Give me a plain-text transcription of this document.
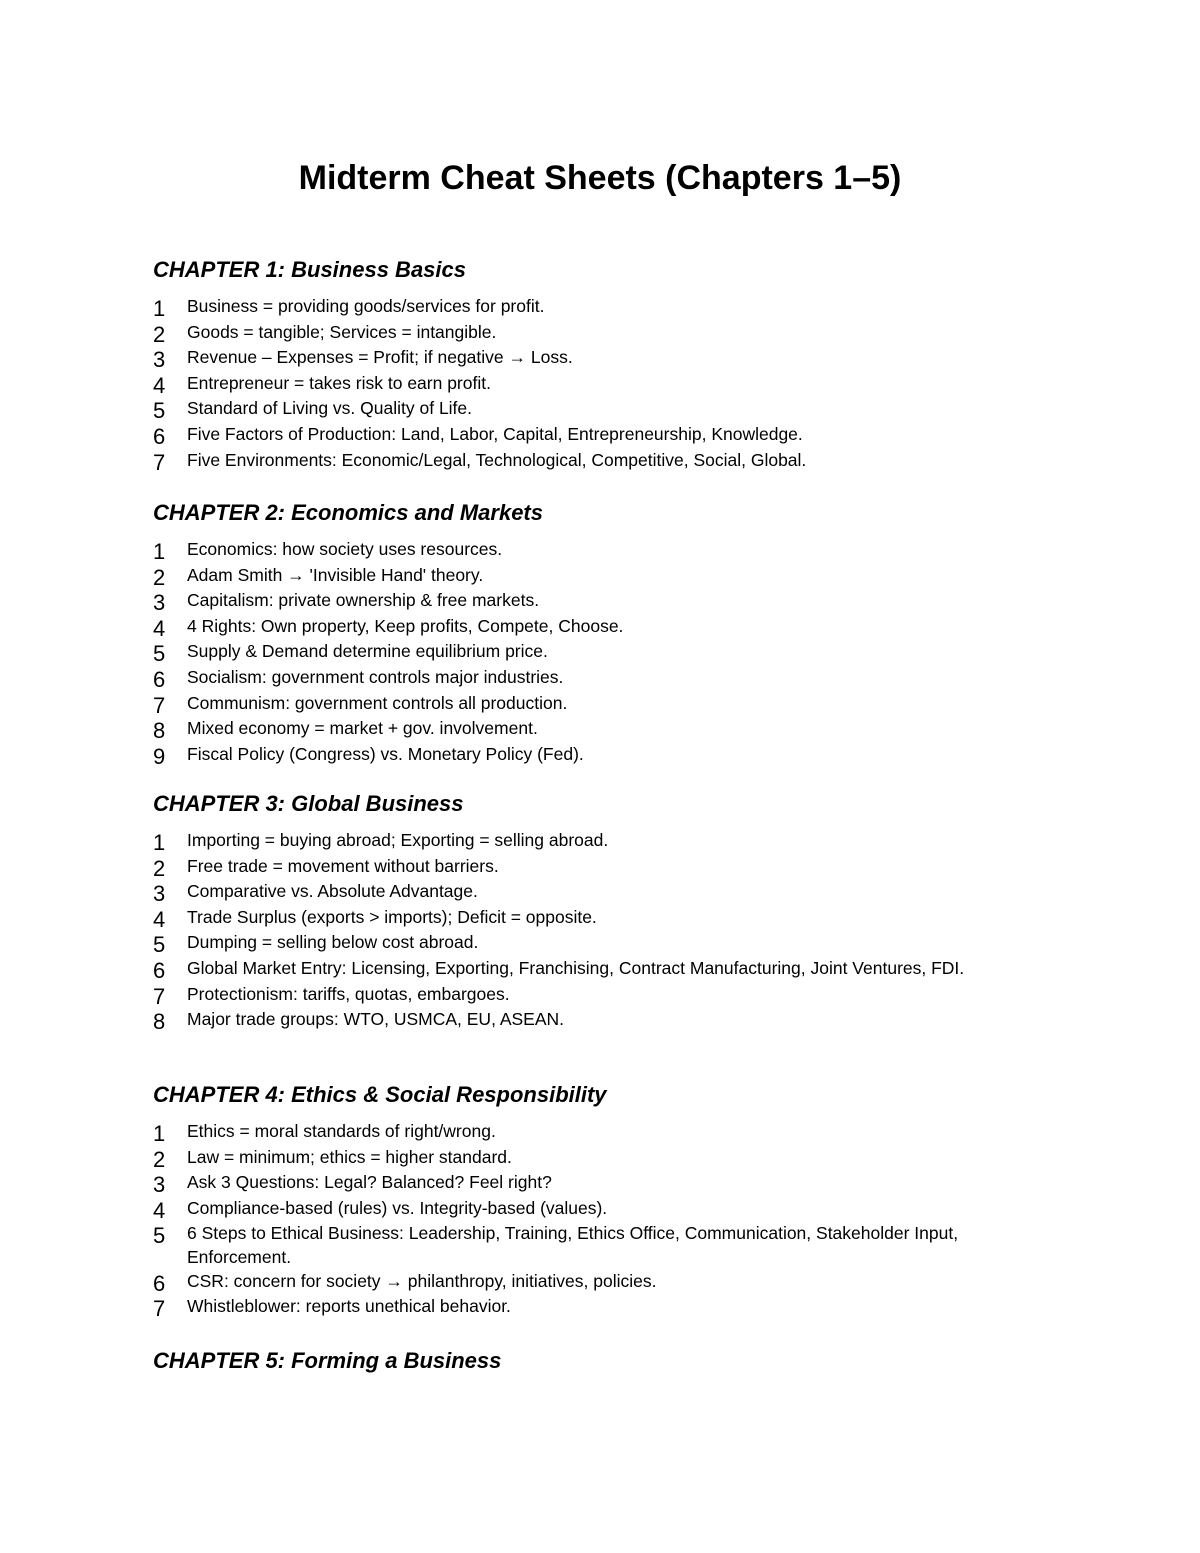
Midterm Cheat Sheets (Chapters 1–5)
CHAPTER 1: Business Basics
1	Business = providing goods/services for profit.
2	Goods = tangible; Services = intangible.
3	Revenue – Expenses = Profit; if negative → Loss.
4	Entrepreneur = takes risk to earn profit.
5	Standard of Living vs. Quality of Life.
6	Five Factors of Production: Land, Labor, Capital, Entrepreneurship, Knowledge.
7	Five Environments: Economic/Legal, Technological, Competitive, Social, Global.
CHAPTER 2: Economics and Markets
1	Economics: how society uses resources.
2	Adam Smith → 'Invisible Hand' theory.
3	Capitalism: private ownership & free markets.
4	4 Rights: Own property, Keep profits, Compete, Choose.
5	Supply & Demand determine equilibrium price.
6	Socialism: government controls major industries.
7	Communism: government controls all production.
8	Mixed economy = market + gov. involvement.
9	Fiscal Policy (Congress) vs. Monetary Policy (Fed).
CHAPTER 3: Global Business
1	Importing = buying abroad; Exporting = selling abroad.
2	Free trade = movement without barriers.
3	Comparative vs. Absolute Advantage.
4	Trade Surplus (exports > imports); Deficit = opposite.
5	Dumping = selling below cost abroad.
6	Global Market Entry: Licensing, Exporting, Franchising, Contract Manufacturing, Joint Ventures, FDI.
7	Protectionism: tariffs, quotas, embargoes.
8	Major trade groups: WTO, USMCA, EU, ASEAN.
CHAPTER 4: Ethics & Social Responsibility
1	Ethics = moral standards of right/wrong.
2	Law = minimum; ethics = higher standard.
3	Ask 3 Questions: Legal? Balanced? Feel right?
4	Compliance-based (rules) vs. Integrity-based (values).
5	6 Steps to Ethical Business: Leadership, Training, Ethics Office, Communication, Stakeholder Input, Enforcement.
6	CSR: concern for society → philanthropy, initiatives, policies.
7	Whistleblower: reports unethical behavior.
CHAPTER 5: Forming a Business
